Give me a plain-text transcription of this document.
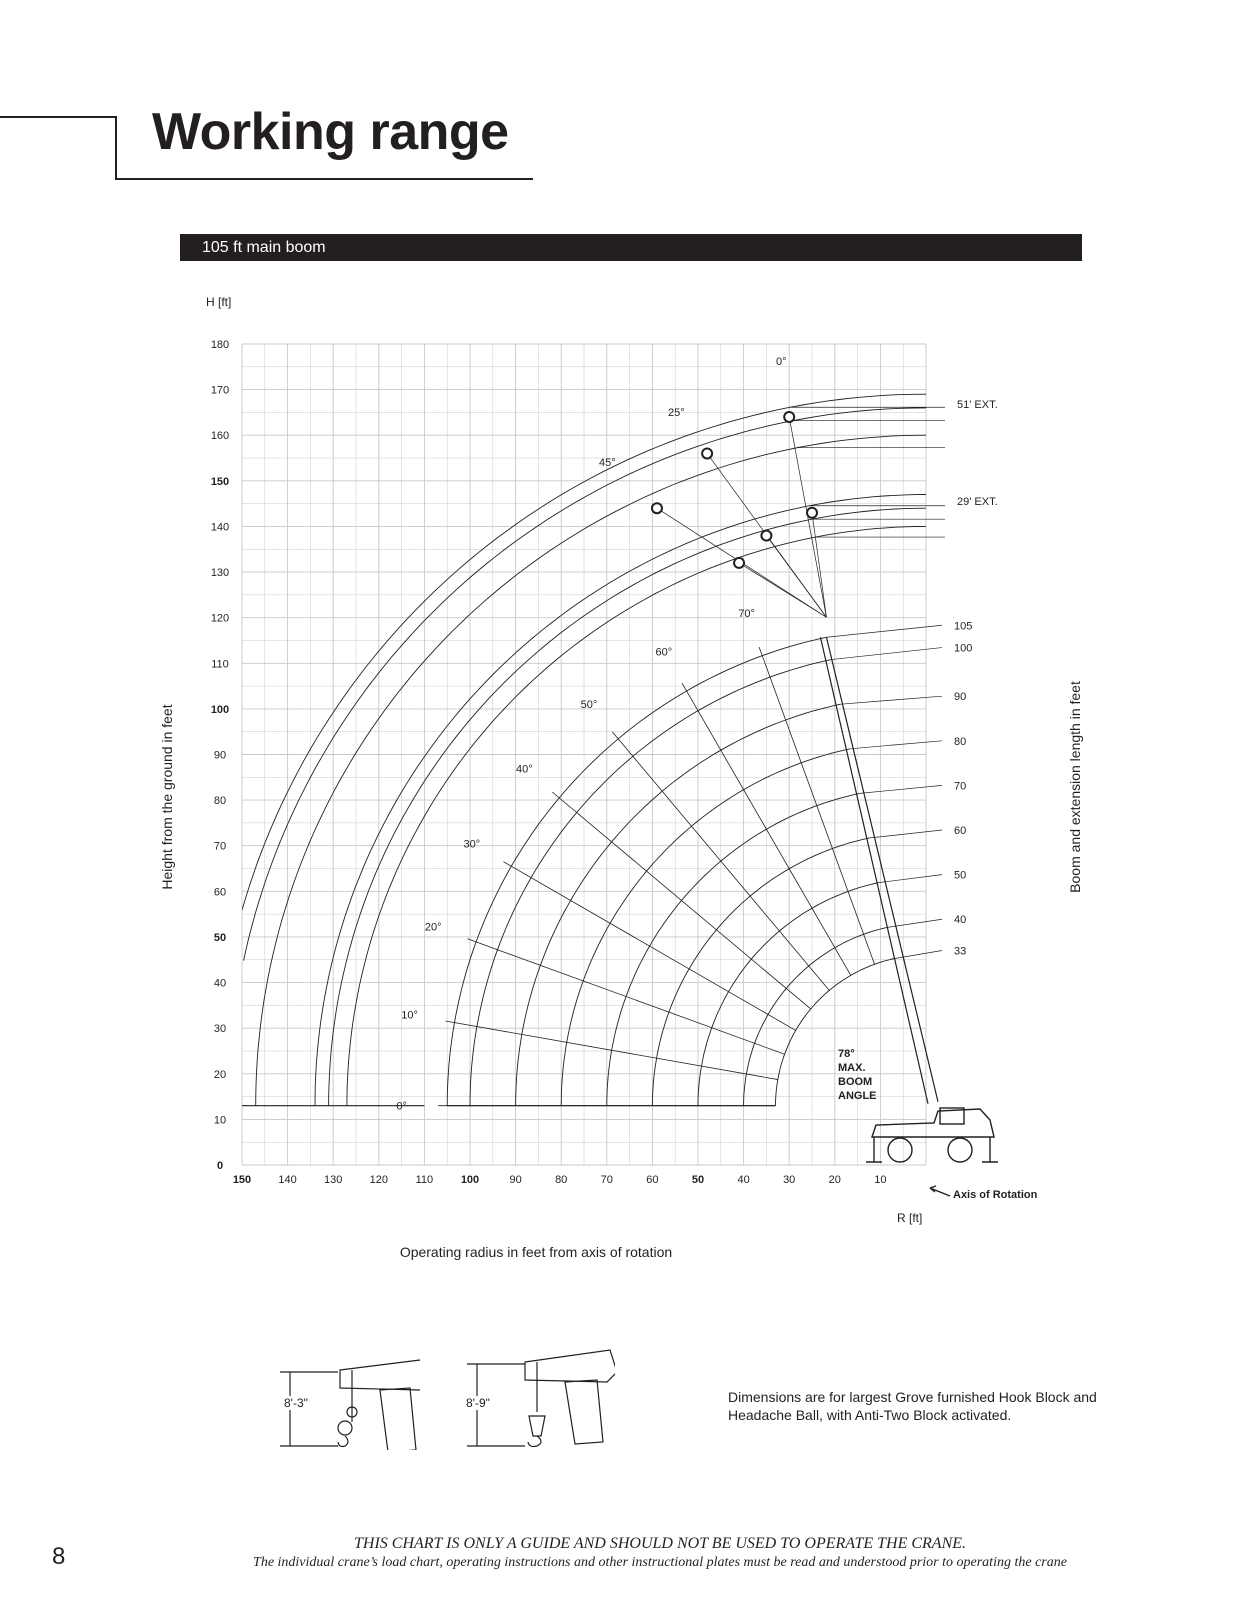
Working range
105 ft main boom
H [ft]
R [ft]
Height from the ground in feet	Boom and extension length in feet
Operating radius in feet from axis of rotation
51' EXT.
29' EXT.
0°
25°
45°
78°
MAX.
BOOM
ANGLE
Axis of Rotation
150 140 130 120	110	100	90	80	70	60	50	40	30	20	10
0
10
20
30
40
50
60
70
80
90
100
110
120
130
140
150
160
170
180
33
40
50
60
70
80
90
100
105
0°
10°
20°
30°
40°
50°
60°
70°
8'-3"	8'-9"	Dimensions are for largest Grove furnished Hook Block and Headache Ball, with Anti-Two Block activated.

THIS CHART IS ONLY A GUIDE AND SHOULD NOT BE USED TO OPERATE THE CRANE.
The individual crane’s load chart, operating instructions and other instructional plates must be read and understood prior to operating the crane
8
